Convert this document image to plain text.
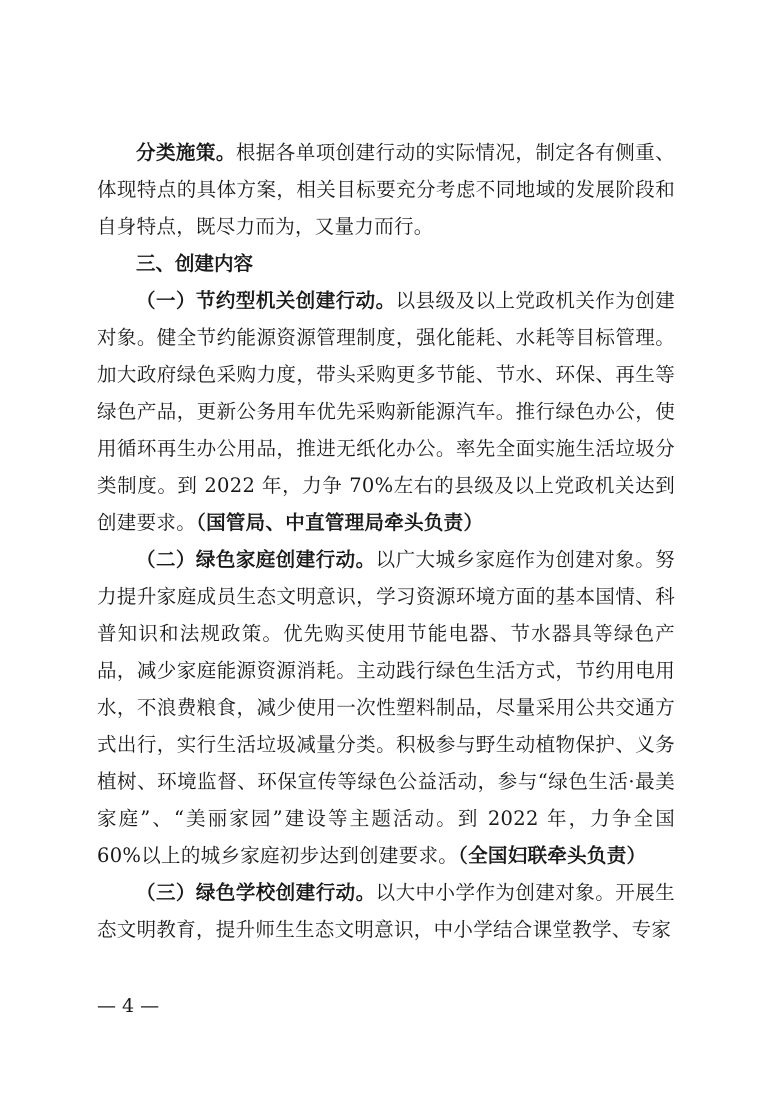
分类施策。根据各单项创建行动的实际情况，制定各有侧重、体现特点的具体方案，相关目标要充分考虑不同地域的发展阶段和自身特点，既尽力而为，又量力而行。

三、创建内容

（一）节约型机关创建行动。以县级及以上党政机关作为创建对象。健全节约能源资源管理制度，强化能耗、水耗等目标管理。加大政府绿色采购力度，带头采购更多节能、节水、环保、再生等绿色产品，更新公务用车优先采购新能源汽车。推行绿色办公，使用循环再生办公用品，推进无纸化办公。率先全面实施生活垃圾分类制度。到 2022 年，力争 70%左右的县级及以上党政机关达到创建要求。（国管局、中直管理局牵头负责）

（二）绿色家庭创建行动。以广大城乡家庭作为创建对象。努力提升家庭成员生态文明意识，学习资源环境方面的基本国情、科普知识和法规政策。优先购买使用节能电器、节水器具等绿色产品，减少家庭能源资源消耗。主动践行绿色生活方式，节约用电用水，不浪费粮食，减少使用一次性塑料制品，尽量采用公共交通方式出行，实行生活垃圾减量分类。积极参与野生动植物保护、义务植树、环境监督、环保宣传等绿色公益活动，参与“绿色生活·最美家庭”、“美丽家园”建设等主题活动。到 2022 年，力争全国 60%以上的城乡家庭初步达到创建要求。（全国妇联牵头负责）

（三）绿色学校创建行动。以大中小学作为创建对象。开展生态文明教育，提升师生生态文明意识，中小学结合课堂教学、专家

— 4 —
